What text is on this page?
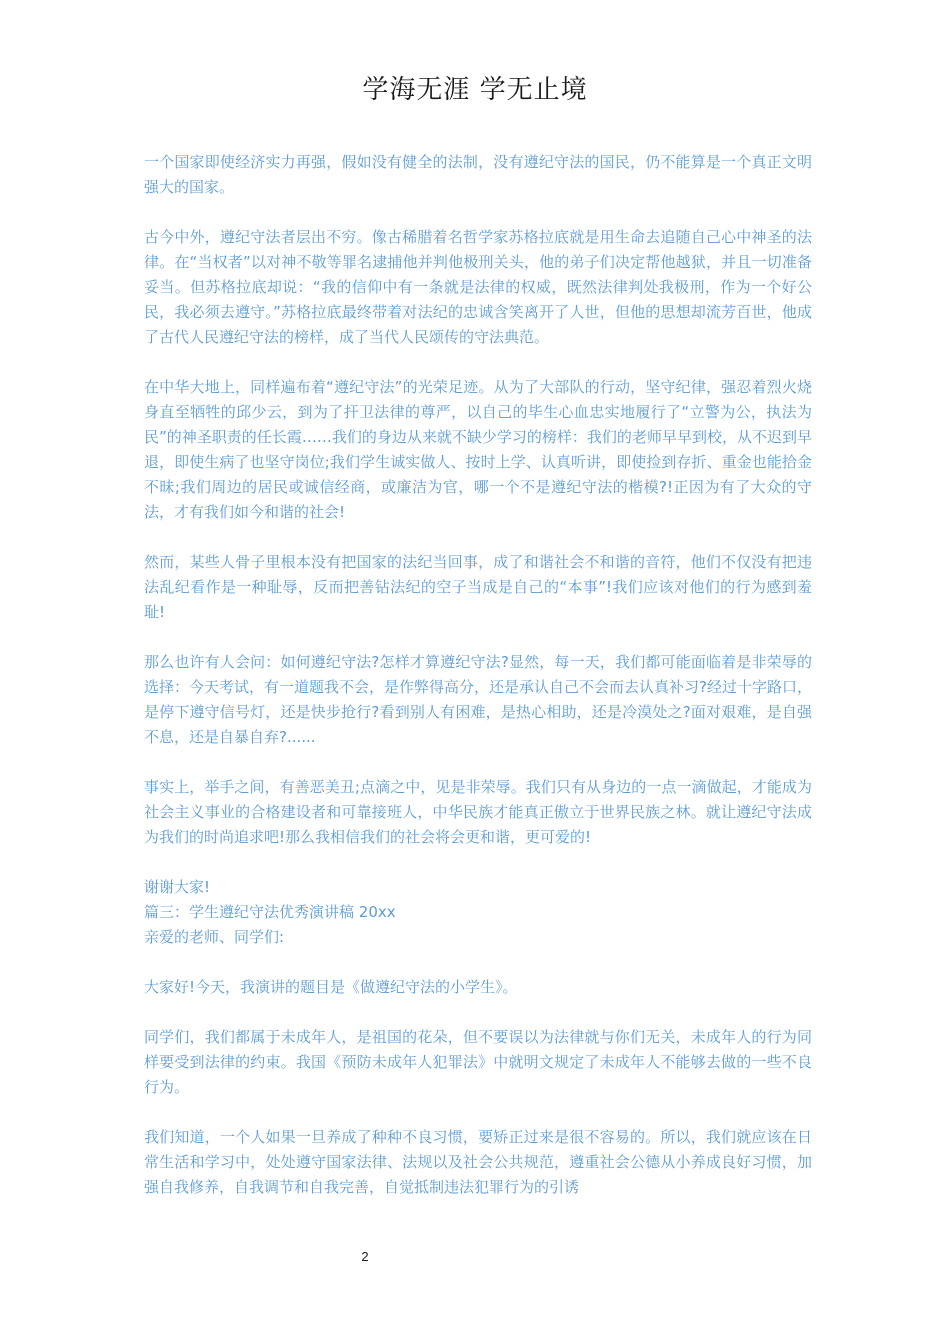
学海无涯 学无止境

一个国家即使经济实力再强，假如没有健全的法制，没有遵纪守法的国民，仍不能算是一个真正文明强大的国家。

古今中外，遵纪守法者层出不穷。像古稀腊着名哲学家苏格拉底就是用生命去追随自己心中神圣的法律。在“当权者”以对神不敬等罪名逮捕他并判他极刑关头，他的弟子们决定帮他越狱，并且一切准备妥当。但苏格拉底却说：“我的信仰中有一条就是法律的权威，既然法律判处我极刑，作为一个好公民，我必须去遵守。”苏格拉底最终带着对法纪的忠诚含笑离开了人世，但他的思想却流芳百世，他成了古代人民遵纪守法的榜样，成了当代人民颂传的守法典范。

在中华大地上，同样遍布着“遵纪守法”的光荣足迹。从为了大部队的行动，坚守纪律，强忍着烈火烧身直至牺牲的邱少云，到为了扞卫法律的尊严，以自己的毕生心血忠实地履行了“立警为公，执法为民”的神圣职责的任长霞……我们的身边从来就不缺少学习的榜样：我们的老师早早到校，从不迟到早退，即使生病了也坚守岗位;我们学生诚实做人、按时上学、认真听讲，即使捡到存折、重金也能拾金不昧;我们周边的居民或诚信经商，或廉洁为官，哪一个不是遵纪守法的楷模?!正因为有了大众的守法，才有我们如今和谐的社会!

然而，某些人骨子里根本没有把国家的法纪当回事，成了和谐社会不和谐的音符，他们不仅没有把违法乱纪看作是一种耻辱，反而把善钻法纪的空子当成是自己的“本事”!我们应该对他们的行为感到羞耻!

那么也许有人会问：如何遵纪守法?怎样才算遵纪守法?显然，每一天，我们都可能面临着是非荣辱的选择：今天考试，有一道题我不会，是作弊得高分，还是承认自己不会而去认真补习?经过十字路口，是停下遵守信号灯，还是快步抢行?看到别人有困难，是热心相助，还是冷漠处之?面对艰难，是自强不息，还是自暴自弃?......

事实上，举手之间，有善恶美丑;点滴之中，见是非荣辱。我们只有从身边的一点一滴做起，才能成为社会主义事业的合格建设者和可靠接班人，中华民族才能真正傲立于世界民族之林。就让遵纪守法成为我们的时尚追求吧!那么我相信我们的社会将会更和谐，更可爱的!

谢谢大家!

篇三：学生遵纪守法优秀演讲稿 20xx

亲爱的老师、同学们:

大家好!今天，我演讲的题目是《做遵纪守法的小学生》。

同学们，我们都属于未成年人，是祖国的花朵，但不要误以为法律就与你们无关，未成年人的行为同样要受到法律的约束。我国《预防未成年人犯罪法》中就明文规定了未成年人不能够去做的一些不良行为。

我们知道，一个人如果一旦养成了种种不良习惯，要矫正过来是很不容易的。所以，我们就应该在日常生活和学习中，处处遵守国家法律、法规以及社会公共规范，遵重社会公德从小养成良好习惯，加强自我修养，自我调节和自我完善，自觉抵制违法犯罪行为的引诱

2
